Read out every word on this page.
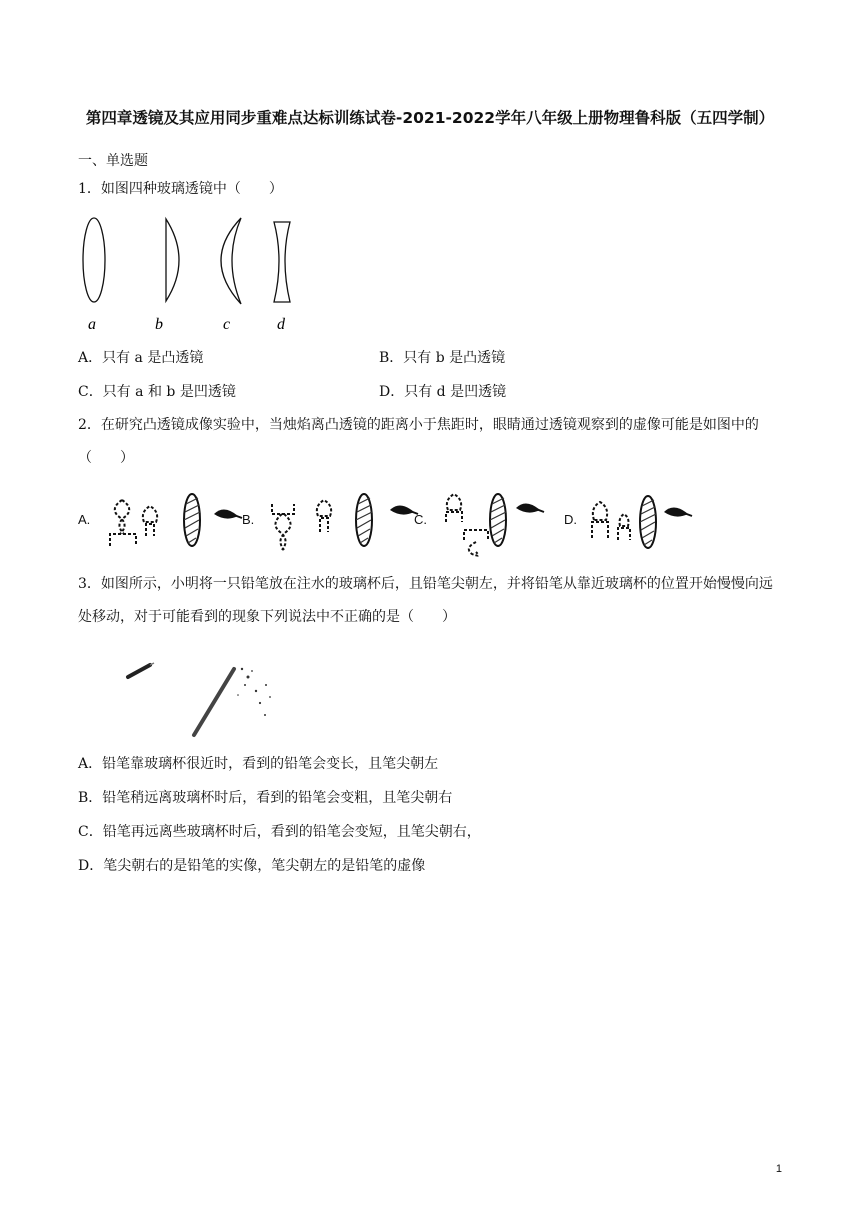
第四章透镜及其应用同步重难点达标训练试卷-2021-2022学年八年级上册物理鲁科版（五四学制）
一、单选题
1．如图四种玻璃透镜中（　　）
a	b	c	d
A．只有 a 是凸透镜	B．只有 b 是凸透镜
C．只有 a 和 b 是凹透镜	D．只有 d 是凹透镜
2．在研究凸透镜成像实验中，当烛焰离凸透镜的距离小于焦距时，眼睛通过透镜观察到的虚像可能是如图中的（　　）
A.	B.	C.	D.
3．如图所示，小明将一只铅笔放在注水的玻璃杯后，且铅笔尖朝左，并将铅笔从靠近玻璃杯的位置开始慢慢向远处移动，对于可能看到的现象下列说法中不正确的是（　　）
A．铅笔靠玻璃杯很近时，看到的铅笔会变长，且笔尖朝左
B．铅笔稍远离玻璃杯时后，看到的铅笔会变粗，且笔尖朝右
C．铅笔再远离些玻璃杯时后，看到的铅笔会变短，且笔尖朝右，
D．笔尖朝右的是铅笔的实像，笔尖朝左的是铅笔的虚像
1
